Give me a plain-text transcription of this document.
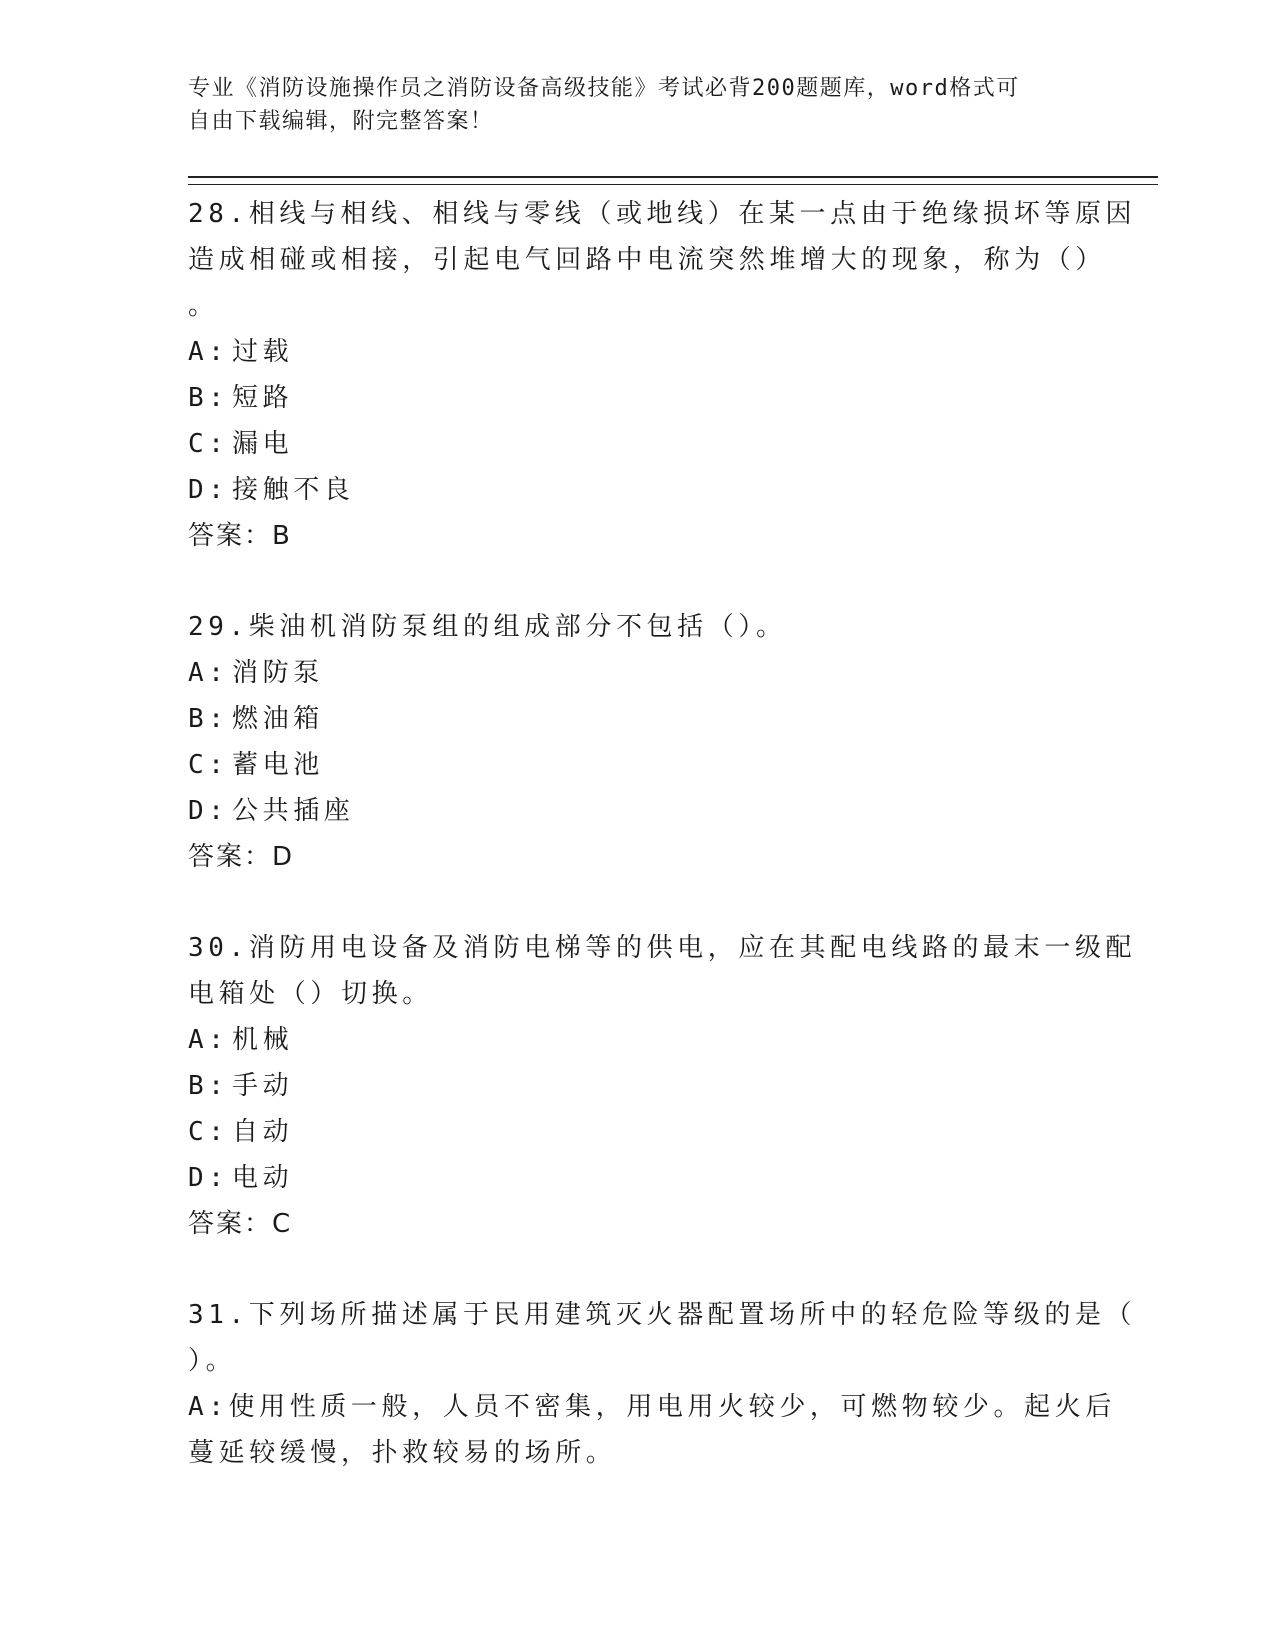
专业《消防设施操作员之消防设备高级技能》考试必背200题题库，word格式可
自由下载编辑，附完整答案！
28.相线与相线、相线与零线（或地线）在某一点由于绝缘损坏等原因
造成相碰或相接，引起电气回路中电流突然堆增大的现象，称为（）
。
A: 过载
B: 短路
C: 漏电
D: 接触不良
答案：B
29.柴油机消防泵组的组成部分不包括（）。
A: 消防泵
B: 燃油箱
C: 蓄电池
D: 公共插座
答案：D
30.消防用电设备及消防电梯等的供电，应在其配电线路的最末一级配
电箱处（）切换。
A: 机械
B: 手动
C: 自动
D: 电动
答案：C
31.下列场所描述属于民用建筑灭火器配置场所中的轻危险等级的是（
）。
A: 使用性质一般，人员不密集，用电用火较少，可燃物较少。起火后
蔓延较缓慢，扑救较易的场所。
